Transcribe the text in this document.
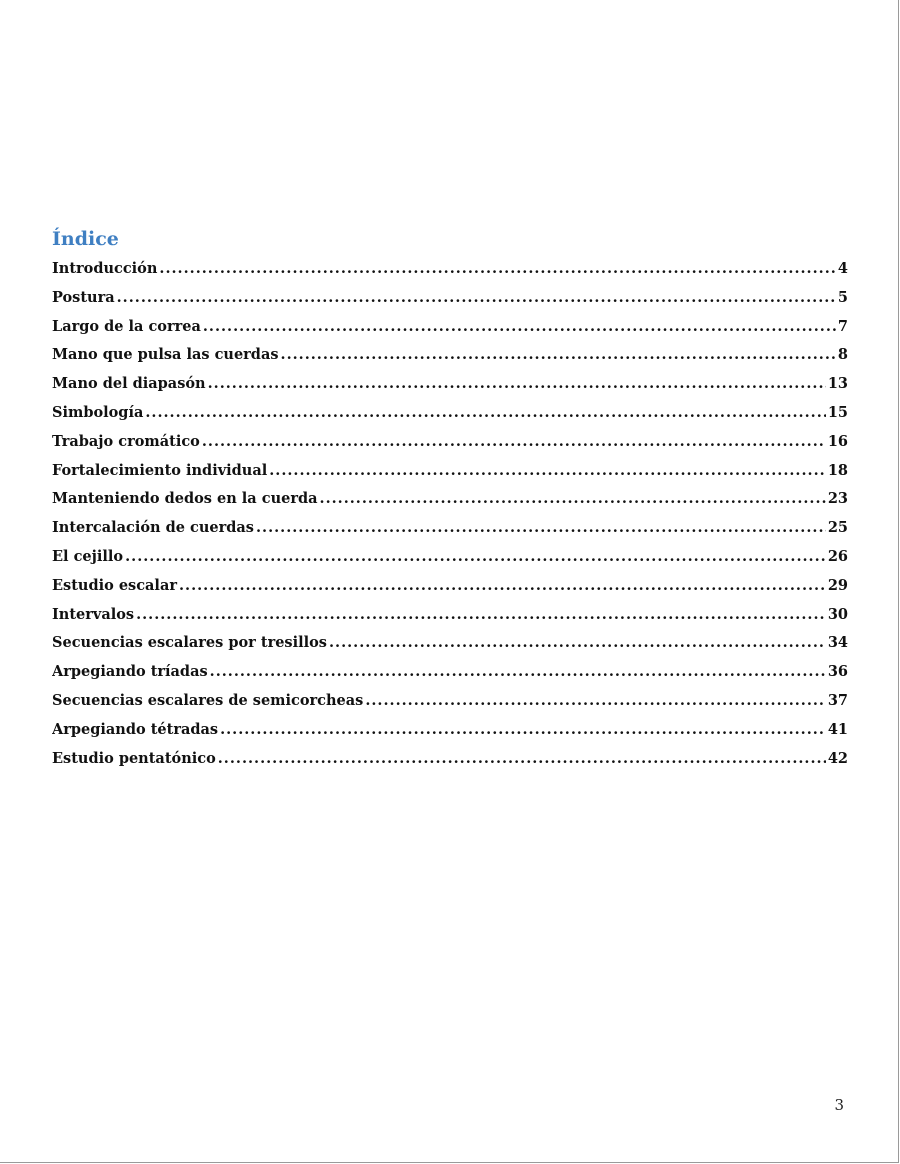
Índice
Introducción .....	4
Postura .....	5
Largo de la correa .....	7
Mano que pulsa las cuerdas .....	8
Mano del diapasón .....	13
Simbología .....	15
Trabajo cromático .....	16
Fortalecimiento individual .....	18
Manteniendo dedos en la cuerda .....	23
Intercalación de cuerdas .....	25
El cejillo .....	26
Estudio escalar .....	29
Intervalos .....	30
Secuencias escalares por tresillos .....	34
Arpegiando tríadas .....	36
Secuencias escalares de semicorcheas .....	37
Arpegiando tétradas .....	41
Estudio pentatónico .....	42
3
